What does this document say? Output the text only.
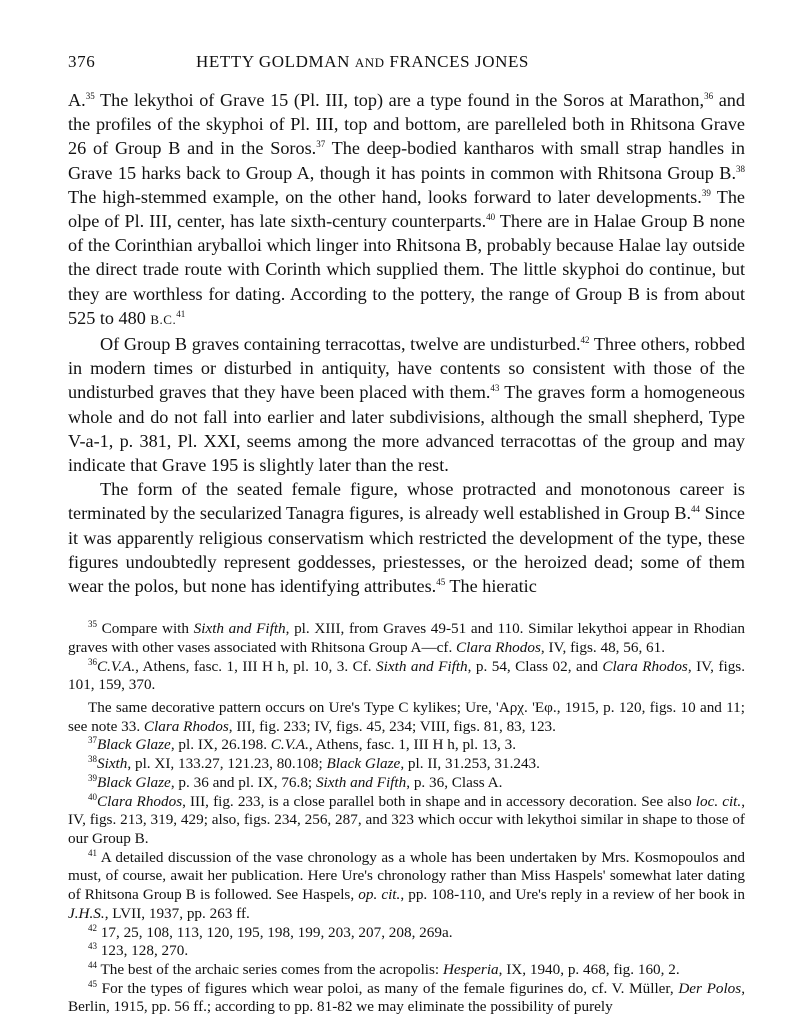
376	HETTY GOLDMAN AND FRANCES JONES

A.$^{35}$ The lekythoi of Grave 15 (Pl. III, top) are a type found in the Soros at Marathon,$^{36}$ and the profiles of the skyphoi of Pl. III, top and bottom, are parelleled both in Rhitsona Grave 26 of Group B and in the Soros.$^{37}$ The deep-bodied kantharos with small strap handles in Grave 15 harks back to Group A, though it has points in common with Rhitsona Group B.$^{38}$ The high-stemmed example, on the other hand, looks forward to later developments.$^{39}$ The olpe of Pl. III, center, has late sixth-century counterparts.$^{40}$ There are in Halae Group B none of the Corinthian aryballoi which linger into Rhitsona B, probably because Halae lay outside the direct trade route with Corinth which supplied them. The little skyphoi do continue, but they are worthless for dating. According to the pottery, the range of Group B is from about 525 to 480 B.C.$^{41}$

Of Group B graves containing terracottas, twelve are undisturbed.$^{42}$ Three others, robbed in modern times or disturbed in antiquity, have contents so consistent with those of the undisturbed graves that they have been placed with them.$^{43}$ The graves form a homogeneous whole and do not fall into earlier and later subdivisions, although the small shepherd, Type V-a-1, p. 381, Pl. XXI, seems among the more advanced terracottas of the group and may indicate that Grave 195 is slightly later than the rest.

The form of the seated female figure, whose protracted and monotonous career is terminated by the secularized Tanagra figures, is already well established in Group B.$^{44}$ Since it was apparently religious conservatism which restricted the development of the type, these figures undoubtedly represent goddesses, priestesses, or the heroized dead; some of them wear the polos, but none has identifying attributes.$^{45}$ The hieratic

$^{35}$ Compare with Sixth and Fifth, pl. XIII, from Graves 49-51 and 110. Similar lekythoi appear in Rhodian graves with other vases associated with Rhitsona Group A—cf. Clara Rhodos, IV, figs. 48, 56, 61.

$^{36}$C.V.A., Athens, fasc. 1, III H h, pl. 10, 3. Cf. Sixth and Fifth, p. 54, Class 02, and Clara Rhodos, IV, figs. 101, 159, 370.

The same decorative pattern occurs on Ure's Type C kylikes; Ure, 'Αρχ. 'Εφ., 1915, p. 120, figs. 10 and 11; see note 33. Clara Rhodos, III, fig. 233; IV, figs. 45, 234; VIII, figs. 81, 83, 123.

$^{37}$Black Glaze, pl. IX, 26.198. C.V.A., Athens, fasc. 1, III H h, pl. 13, 3.

$^{38}$Sixth, pl. XI, 133.27, 121.23, 80.108; Black Glaze, pl. II, 31.253, 31.243.

$^{39}$Black Glaze, p. 36 and pl. IX, 76.8; Sixth and Fifth, p. 36, Class A.

$^{40}$Clara Rhodos, III, fig. 233, is a close parallel both in shape and in accessory decoration. See also loc. cit., IV, figs. 213, 319, 429; also, figs. 234, 256, 287, and 323 which occur with lekythoi similar in shape to those of our Group B.

$^{41}$ A detailed discussion of the vase chronology as a whole has been undertaken by Mrs. Kosmopoulos and must, of course, await her publication. Here Ure's chronology rather than Miss Haspels' somewhat later dating of Rhitsona Group B is followed. See Haspels, op. cit., pp. 108-110, and Ure's reply in a review of her book in J.H.S., LVII, 1937, pp. 263 ff.

$^{42}$ 17, 25, 108, 113, 120, 195, 198, 199, 203, 207, 208, 269a.

$^{43}$ 123, 128, 270.

$^{44}$ The best of the archaic series comes from the acropolis: Hesperia, IX, 1940, p. 468, fig. 160, 2.

$^{45}$ For the types of figures which wear poloi, as many of the female figurines do, cf. V. Müller, Der Polos, Berlin, 1915, pp. 56 ff.; according to pp. 81-82 we may eliminate the possibility of purely
